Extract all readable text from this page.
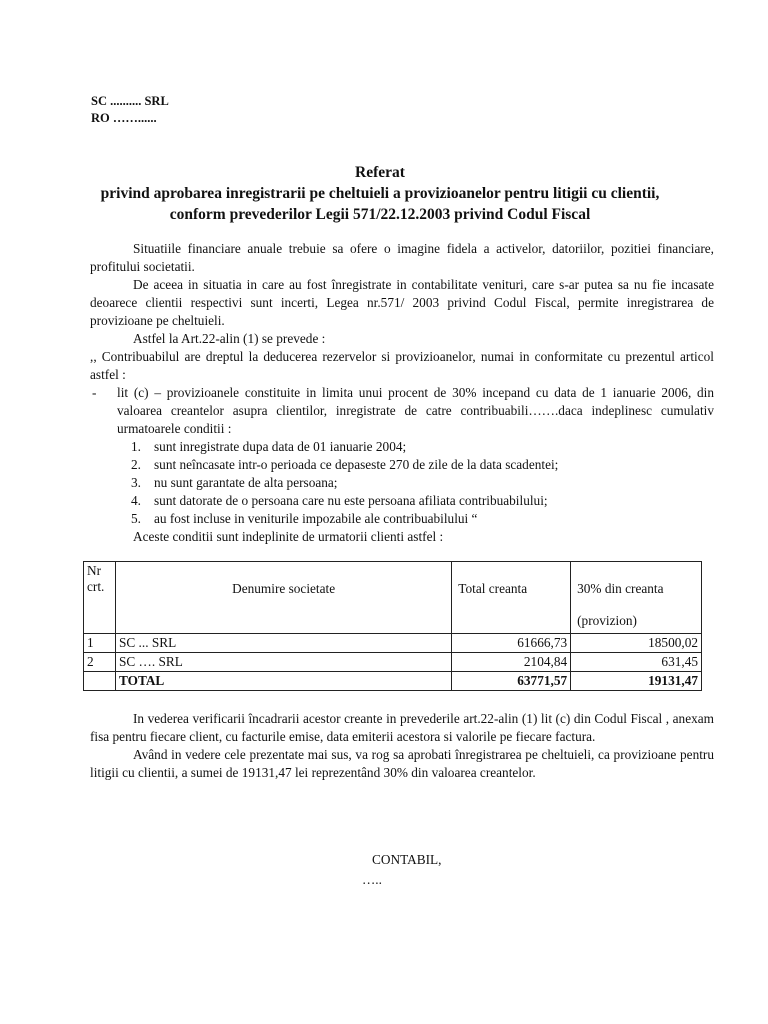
SC .......... SRL
RO ……......
Referat
privind aprobarea inregistrarii pe cheltuieli a provizioanelor pentru litigii cu clientii, conform prevederilor Legii 571/22.12.2003 privind Codul Fiscal

Situatiile financiare anuale trebuie sa ofere o imagine fidela a activelor, datoriilor, pozitiei financiare, profitului societatii.

De aceea in situatia in care au fost înregistrate in contabilitate venituri, care s-ar putea sa nu fie incasate deoarece clientii respectivi sunt incerti, Legea nr.571/ 2003 privind Codul Fiscal, permite inregistrarea de provizioane pe cheltuieli.

Astfel la Art.22-alin (1) se prevede :

,, Contribuabilul are dreptul la deducerea rezervelor si provizioanelor, numai in conformitate cu prezentul articol astfel :

- lit (c) – provizioanele constituite in limita unui procent de 30% incepand cu data de 1 ianuarie 2006, din valoarea creantelor asupra clientilor, inregistrate de catre contribuabili…….daca indeplinesc cumulativ urmatoarele conditii :
1. sunt inregistrate dupa data de 01 ianuarie 2004;
2. sunt neîncasate intr-o perioada ce depaseste 270 de zile de la data scadentei;
3. nu sunt garantate de alta persoana;
4. sunt datorate de o persoana care nu este persoana afiliata contribuabilului;
5. au fost incluse in veniturile impozabile ale contribuabilului “

Aceste conditii sunt indeplinite de urmatorii clienti astfel :

Nr
crt.	Denumire societate	Total creanta	30% din creanta

(provizion)
1	SC ... SRL	61666,73	18500,02
2	SC …. SRL	2104,84	631,45
	TOTAL	63771,57	19131,47

In vederea verificarii încadrarii acestor creante in prevederile art.22-alin (1) lit (c) din Codul Fiscal , anexam fisa pentru fiecare client, cu facturile emise, data emiterii acestora si valorile pe fiecare factura.

Având in vedere cele prezentate mai sus, va rog sa aprobati înregistrarea pe cheltuieli, ca provizioane pentru litigii cu clientii, a sumei de 19131,47 lei reprezentând 30% din valoarea creantelor.

CONTABIL,
…..
